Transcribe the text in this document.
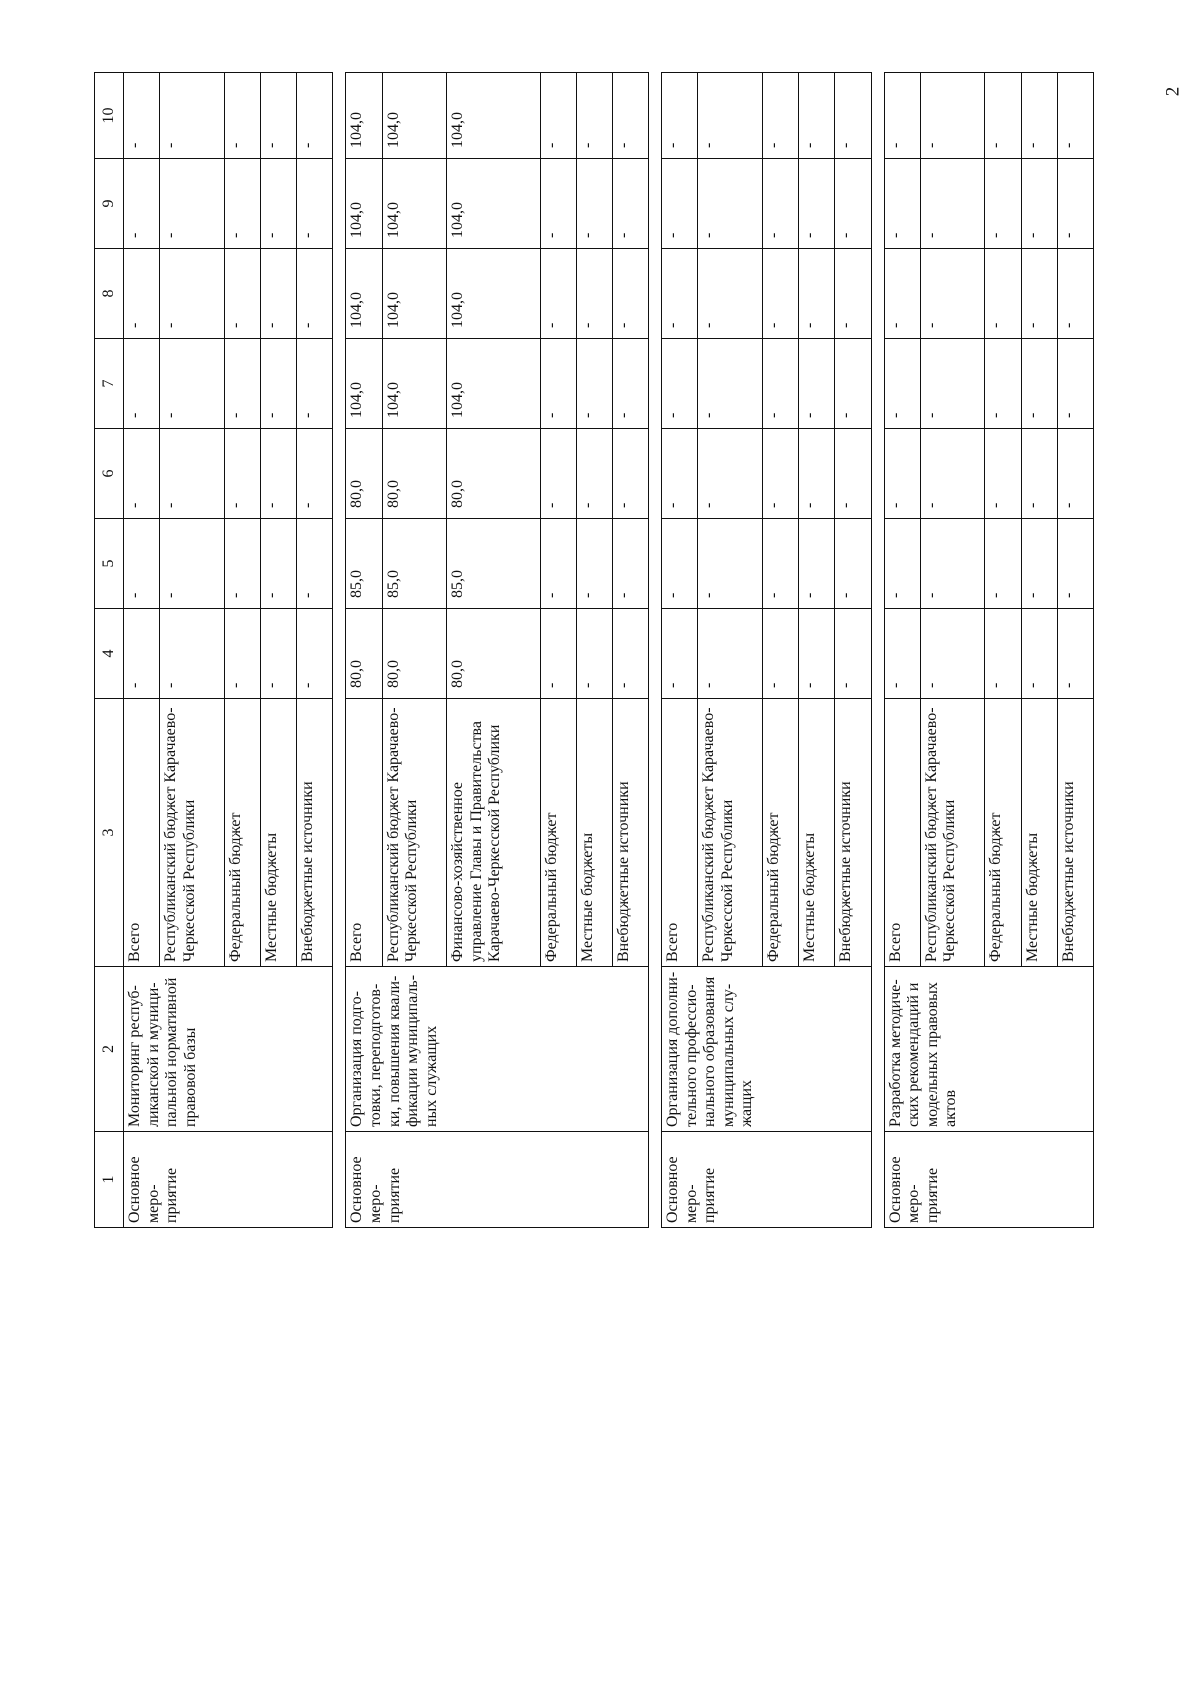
2
1	2	3	4	5	6	7	8	9	10
Основное меро-приятие	Мониторинг респуб-ликанской и муници-пальной нормативной правовой базы	Всего	-	-	-	-	-	-	-
		Республиканский бюджет Карачаево-Черкесской Республики	-	-	-	-	-	-	-
		Федеральный бюджет	-	-	-	-	-	-	-
		Местные бюджеты	-	-	-	-	-	-	-
		Внебюджетные источники	-	-	-	-	-	-	-

Основное меро-приятие	Организация подго-товки, переподготов-ки, повышения квали-фикации муниципаль-ных служащих	Всего	80,0	85,0	80,0	104,0	104,0	104,0	104,0
		Республиканский бюджет Карачаево-Черкесской Республики	80,0	85,0	80,0	104,0	104,0	104,0	104,0
		Финансово-хозяйственное управление Главы и Правительства Карачаево-Черкесской Республики	80,0	85,0	80,0	104,0	104,0	104,0	104,0
		Федеральный бюджет	-	-	-	-	-	-	-
		Местные бюджеты	-	-	-	-	-	-	-
		Внебюджетные источники	-	-	-	-	-	-	-

Основное меро-приятие	Организация дополни-тельного профессио-нального образования муниципальных слу-жащих	Всего	-	-	-	-	-	-	-
		Республиканский бюджет Карачаево-Черкесской Республики	-	-	-	-	-	-	-
		Федеральный бюджет	-	-	-	-	-	-	-
		Местные бюджеты	-	-	-	-	-	-	-
		Внебюджетные источники	-	-	-	-	-	-	-

Основное меро-приятие	Разработка методиче-ских рекомендаций и модельных правовых актов	Всего	-	-	-	-	-	-	-
		Республиканский бюджет Карачаево-Черкесской Республики	-	-	-	-	-	-	-
		Федеральный бюджет	-	-	-	-	-	-	-
		Местные бюджеты	-	-	-	-	-	-	-
		Внебюджетные источники	-	-	-	-	-	-	-
